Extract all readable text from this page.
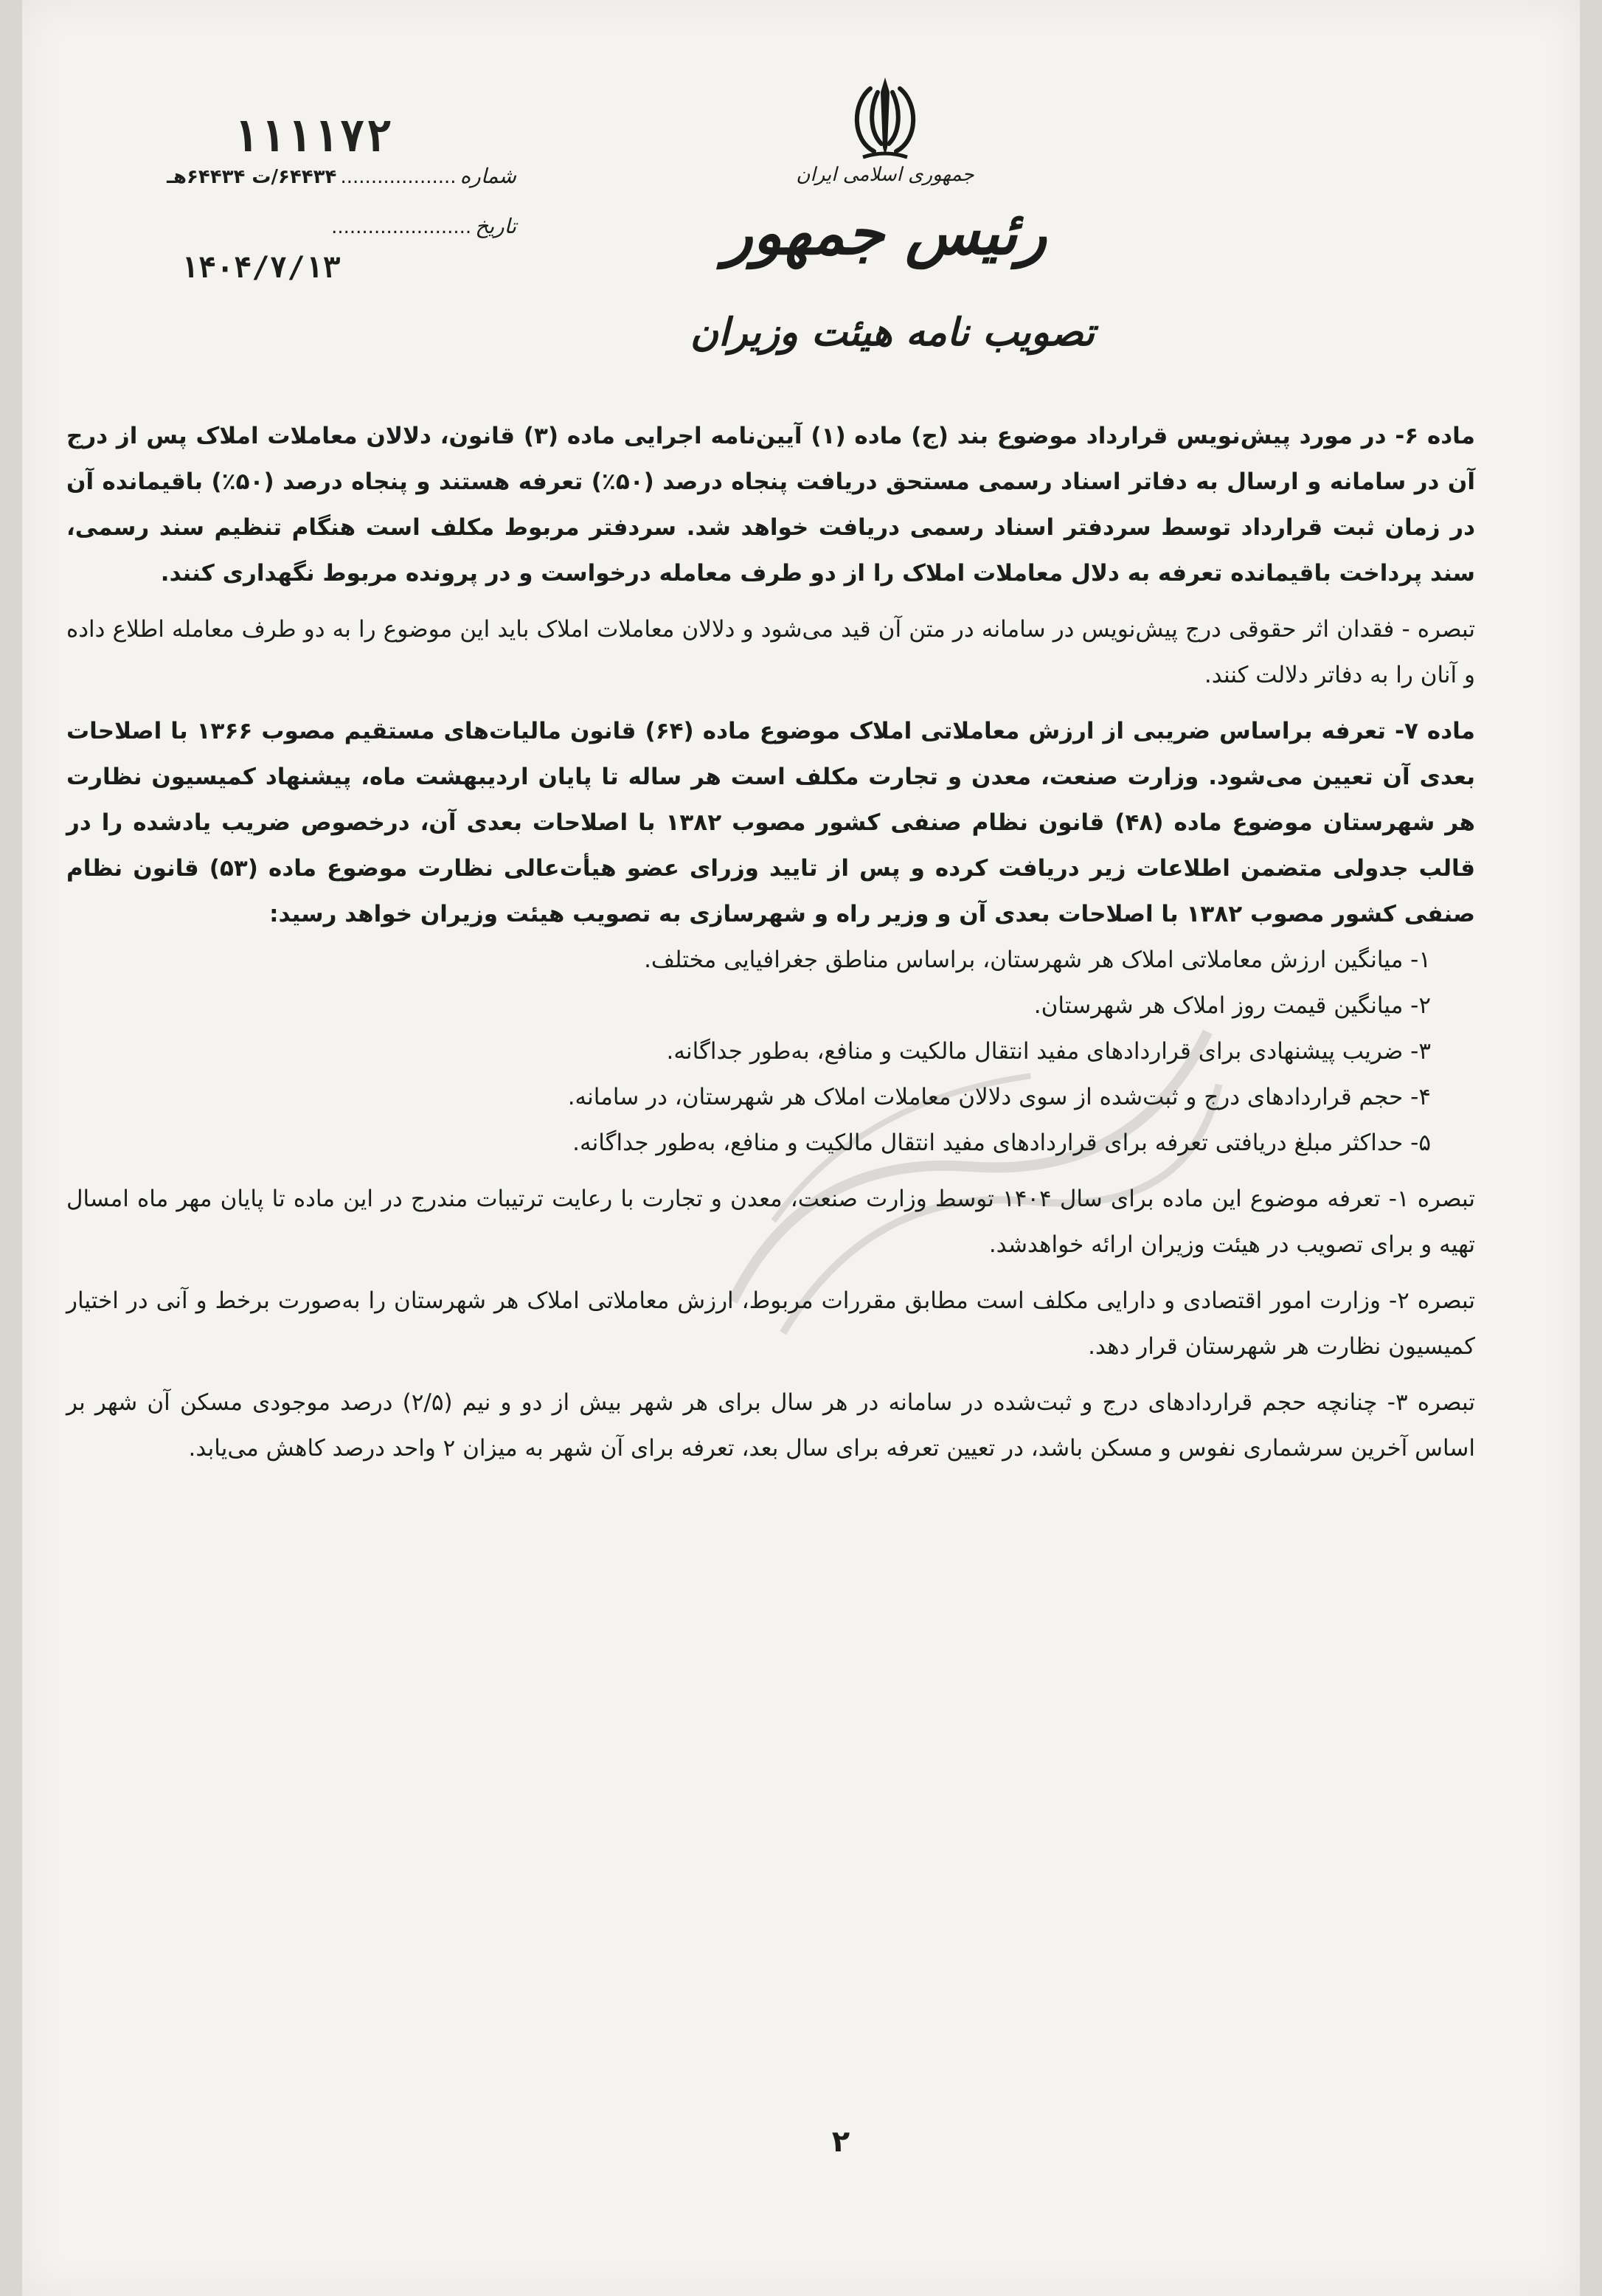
جمهوری اسلامی ایران
رئیس جمهور
تصویب نامه هیئت وزیران
۱۱۱۱۷۲
شماره ................... ۶۴۴۳۴/ت ۶۴۴۳۴هـ
تاریخ .......................
۱۴۰۴/۷/۱۳

ماده ۶- در مورد پیش‌نویس قرارداد موضوع بند (ج) ماده (۱) آیین‌نامه اجرایی ماده (۳) قانون، دلالان معاملات املاک پس از درج آن در سامانه و ارسال به دفاتر اسناد رسمی مستحق دریافت پنجاه درصد (۵۰٪) تعرفه هستند و پنجاه درصد (۵۰٪) باقیمانده آن در زمان ثبت قرارداد توسط سردفتر اسناد رسمی دریافت خواهد شد. سردفتر مربوط مکلف است هنگام تنظیم سند رسمی، سند پرداخت باقیمانده تعرفه به دلال معاملات املاک را از دو طرف معامله درخواست و در پرونده مربوط نگهداری کنند.

تبصره - فقدان اثر حقوقی درج پیش‌نویس در سامانه در متن آن قید می‌شود و دلالان معاملات املاک باید این موضوع را به دو طرف معامله اطلاع داده و آنان را به دفاتر دلالت کنند.

ماده ۷- تعرفه براساس ضریبی از ارزش معاملاتی املاک موضوع ماده (۶۴) قانون مالیات‌های مستقیم مصوب ۱۳۶۶ با اصلاحات بعدی آن تعیین می‌شود. وزارت صنعت، معدن و تجارت مکلف است هر ساله تا پایان اردیبهشت ماه، پیشنهاد کمیسیون نظارت هر شهرستان موضوع ماده (۴۸) قانون نظام صنفی کشور مصوب ۱۳۸۲ با اصلاحات بعدی آن، درخصوص ضریب یادشده را در قالب جدولی متضمن اطلاعات زیر دریافت کرده و پس از تایید وزرای عضو هیأت‌عالی نظارت موضوع ماده (۵۳) قانون نظام صنفی کشور مصوب ۱۳۸۲ با اصلاحات بعدی آن و وزیر راه و شهرسازی به تصویب هیئت وزیران خواهد رسید:

۱- میانگین ارزش معاملاتی املاک هر شهرستان، براساس مناطق جغرافیایی مختلف.

۲- میانگین قیمت روز املاک هر شهرستان.

۳- ضریب پیشنهادی برای قراردادهای مفید انتقال مالکیت و منافع، به‌طور جداگانه.

۴- حجم قراردادهای درج و ثبت‌شده از سوی دلالان معاملات املاک هر شهرستان، در سامانه.

۵- حداکثر مبلغ دریافتی تعرفه برای قراردادهای مفید انتقال مالکیت و منافع، به‌طور جداگانه.

تبصره ۱- تعرفه موضوع این ماده برای سال ۱۴۰۴ توسط وزارت صنعت، معدن و تجارت با رعایت ترتیبات مندرج در این ماده تا پایان مهر ماه امسال تهیه و برای تصویب در هیئت وزیران ارائه خواهدشد.

تبصره ۲- وزارت امور اقتصادی و دارایی مکلف است مطابق مقررات مربوط، ارزش معاملاتی املاک هر شهرستان را به‌صورت برخط و آنی در اختیار کمیسیون نظارت هر شهرستان قرار دهد.

تبصره ۳- چنانچه حجم قراردادهای درج و ثبت‌شده در سامانه در هر سال برای هر شهر بیش از دو و نیم (۲/۵) درصد موجودی مسکن آن شهر بر اساس آخرین سرشماری نفوس و مسکن باشد، در تعیین تعرفه برای سال بعد، تعرفه برای آن شهر به میزان ۲ واحد درصد کاهش می‌یابد.

۲
